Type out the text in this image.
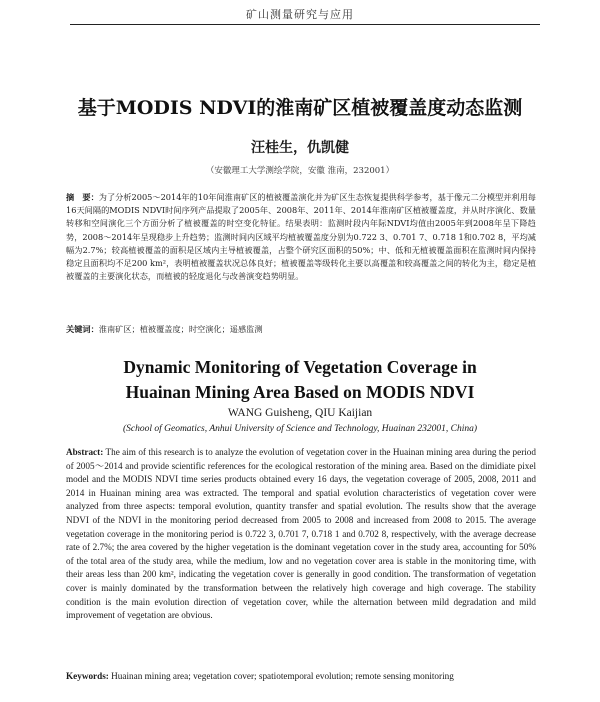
矿山测量研究与应用
基于MODIS NDVI的淮南矿区植被覆盖度动态监测
汪桂生，仇凯健
（安徽理工大学测绘学院，安徽 淮南，232001）
摘　要：为了分析2005～2014年的10年间淮南矿区的植被覆盖演化并为矿区生态恢复提供科学参考，基于像元二分模型并利用每16天间隔的MODIS NDVI时间序列产品提取了2005年、2008年、2011年、2014年淮南矿区植被覆盖度，并从时序演化、数量转移和空间演化三个方面分析了植被覆盖的时空变化特征。结果表明：监测时段内年际NDVI均值由2005年到2008年呈下降趋势，2008～2014年呈现稳步上升趋势；监测时间内区域平均植被覆盖度分别为0.722 3、0.701 7、0.718 1和0.702 8，平均减幅为2.7%；较高植被覆盖的面积是区域内主导植被覆盖，占整个研究区面积的50%；中、低和无植被覆盖面积在监测时间内保持稳定且面积均不足200 km²，表明植被覆盖状况总体良好；植被覆盖等级转化主要以高覆盖和较高覆盖之间的转化为主，稳定是植被覆盖的主要演化状态，而植被的轻度退化与改善演变趋势明显。
关键词：淮南矿区；植被覆盖度；时空演化；遥感监测
Dynamic Monitoring of Vegetation Coverage in
Huainan Mining Area Based on MODIS NDVI
WANG Guisheng, QIU Kaijian
(School of Geomatics, Anhui University of Science and Technology, Huainan 232001, China)
Abstract: The aim of this research is to analyze the evolution of vegetation cover in the Huainan mining area during the period of 2005～2014 and provide scientific references for the ecological restoration of the mining area. Based on the dimidiate pixel model and the MODIS NDVI time series products obtained every 16 days, the vegetation coverage of 2005, 2008, 2011 and 2014 in Huainan mining area was extracted. The temporal and spatial evolution characteristics of vegetation cover were analyzed from three aspects: temporal evolution, quantity transfer and spatial evolution. The results show that the average NDVI of the NDVI in the monitoring period decreased from 2005 to 2008 and increased from 2008 to 2015. The average vegetation coverage in the monitoring period is 0.722 3, 0.701 7, 0.718 1 and 0.702 8, respectively, with the average decrease rate of 2.7%; the area covered by the higher vegetation is the dominant vegetation cover in the study area, accounting for 50% of the total area of the study area, while the medium, low and no vegetation cover area is stable in the monitoring time, with their areas less than 200 km², indicating the vegetation cover is generally in good condition. The transformation of vegetation cover is mainly dominated by the transformation between the relatively high coverage and high coverage. The stability condition is the main evolution direction of vegetation cover, while the alternation between mild degradation and mild improvement of vegetation are obvious.
Keywords: Huainan mining area; vegetation cover; spatiotemporal evolution; remote sensing monitoring
